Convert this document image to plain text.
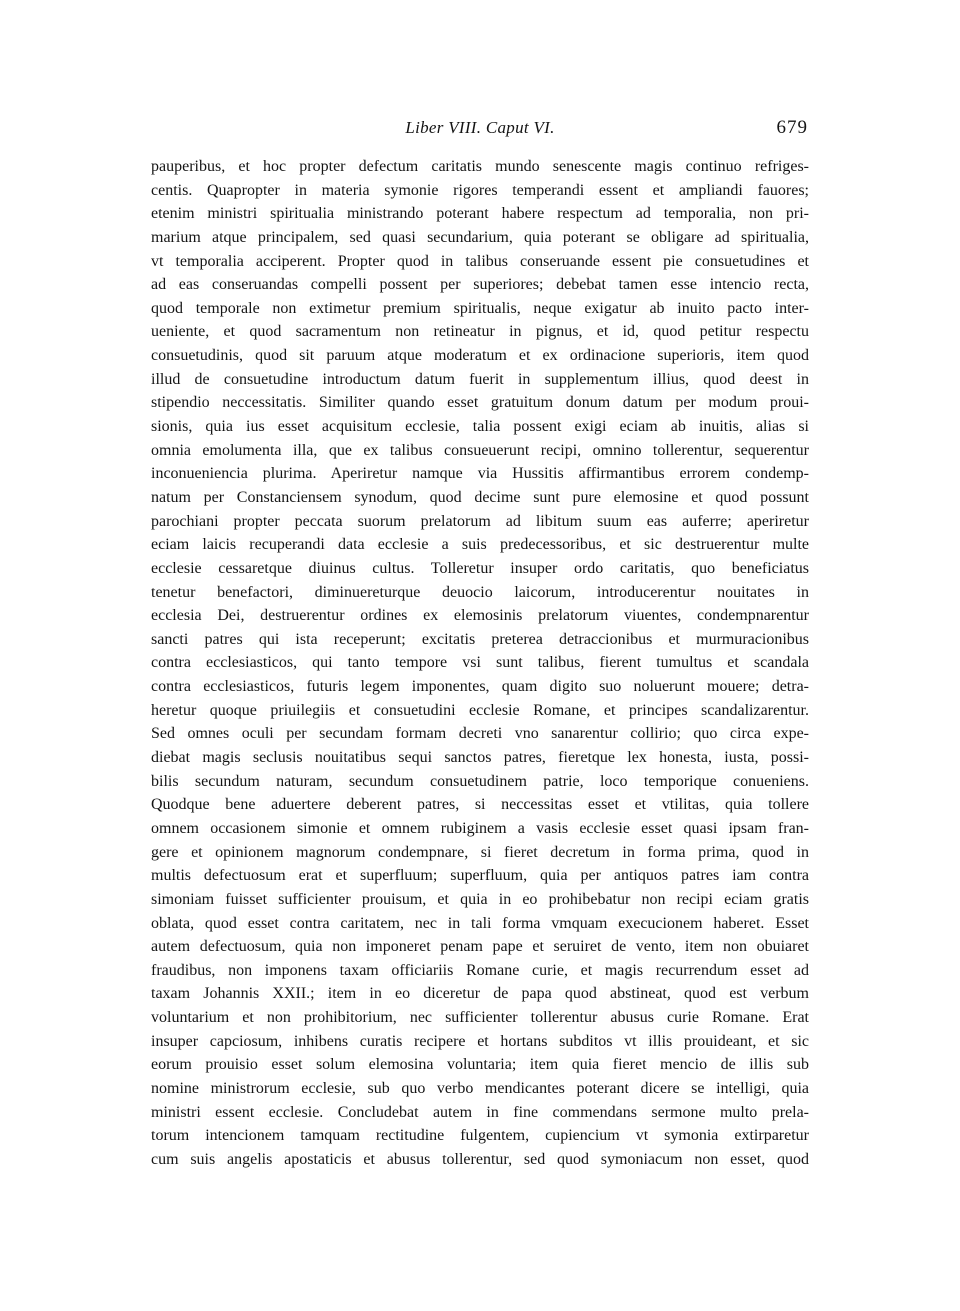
Liber VIII. Caput VI.	679
pauperibus, et hoc propter defectum caritatis mundo senescente magis continuo refriges-
centis. Quapropter in materia symonie rigores temperandi essent et ampliandi fauores;
etenim ministri spiritualia ministrando poterant habere respectum ad temporalia, non pri-
marium atque principalem, sed quasi secundarium, quia poterant se obligare ad spiritualia,
vt temporalia acciperent. Propter quod in talibus conseruande essent pie consuetudines et
ad eas conseruandas compelli possent per superiores; debebat tamen esse intencio recta,
quod temporale non extimetur premium spiritualis, neque exigatur ab inuito pacto inter-
ueniente, et quod sacramentum non retineatur in pignus, et id, quod petitur respectu
consuetudinis, quod sit paruum atque moderatum et ex ordinacione superioris, item quod
illud de consuetudine introductum datum fuerit in supplementum illius, quod deest in
stipendio neccessitatis. Similiter quando esset gratuitum donum datum per modum proui-
sionis, quia ius esset acquisitum ecclesie, talia possent exigi eciam ab inuitis, alias si
omnia emolumenta illa, que ex talibus consueuerunt recipi, omnino tollerentur, sequerentur
inconueniencia plurima. Aperiretur namque via Hussitis affirmantibus errorem condemp-
natum per Constanciensem synodum, quod decime sunt pure elemosine et quod possunt
parochiani propter peccata suorum prelatorum ad libitum suum eas auferre; aperiretur
eciam laicis recuperandi data ecclesie a suis predecessoribus, et sic destruerentur multe
ecclesie cessaretque diuinus cultus. Tolleretur insuper ordo caritatis, quo beneficiatus
tenetur benefactori, diminuereturque deuocio laicorum, introducerentur nouitates in
ecclesia Dei, destruerentur ordines ex elemosinis prelatorum viuentes, condempnarentur
sancti patres qui ista receperunt; excitatis preterea detraccionibus et murmuracionibus
contra ecclesiasticos, qui tanto tempore vsi sunt talibus, fierent tumultus et scandala
contra ecclesiasticos, futuris legem imponentes, quam digito suo noluerunt mouere; detra-
heretur quoque priuilegiis et consuetudini ecclesie Romane, et principes scandalizarentur.
Sed omnes oculi per secundam formam decreti vno sanarentur collirio; quo circa expe-
diebat magis seclusis nouitatibus sequi sanctos patres, fieretque lex honesta, iusta, possi-
bilis secundum naturam, secundum consuetudinem patrie, loco temporique conueniens.
Quodque bene aduertere deberent patres, si neccessitas esset et vtilitas, quia tollere
omnem occasionem simonie et omnem rubiginem a vasis ecclesie esset quasi ipsam fran-
gere et opinionem magnorum condempnare, si fieret decretum in forma prima, quod in
multis defectuosum erat et superfluum; superfluum, quia per antiquos patres iam contra
simoniam fuisset sufficienter prouisum, et quia in eo prohibebatur non recipi eciam gratis
oblata, quod esset contra caritatem, nec in tali forma vmquam execucionem haberet. Esset
autem defectuosum, quia non imponeret penam pape et seruiret de vento, item non obuiaret
fraudibus, non imponens taxam officiariis Romane curie, et magis recurrendum esset ad
taxam Johannis XXII.; item in eo diceretur de papa quod abstineat, quod est verbum
voluntarium et non prohibitorium, nec sufficienter tollerentur abusus curie Romane. Erat
insuper capciosum, inhibens curatis recipere et hortans subditos vt illis prouideant, et sic
eorum prouisio esset solum elemosina voluntaria; item quia fieret mencio de illis sub
nomine ministrorum ecclesie, sub quo verbo mendicantes poterant dicere se intelligi, quia
ministri essent ecclesie. Concludebat autem in fine commendans sermone multo prela-
torum intencionem tamquam rectitudine fulgentem, cupiencium vt symonia extirparetur
cum suis angelis apostaticis et abusus tollerentur, sed quod symoniacum non esset, quod
